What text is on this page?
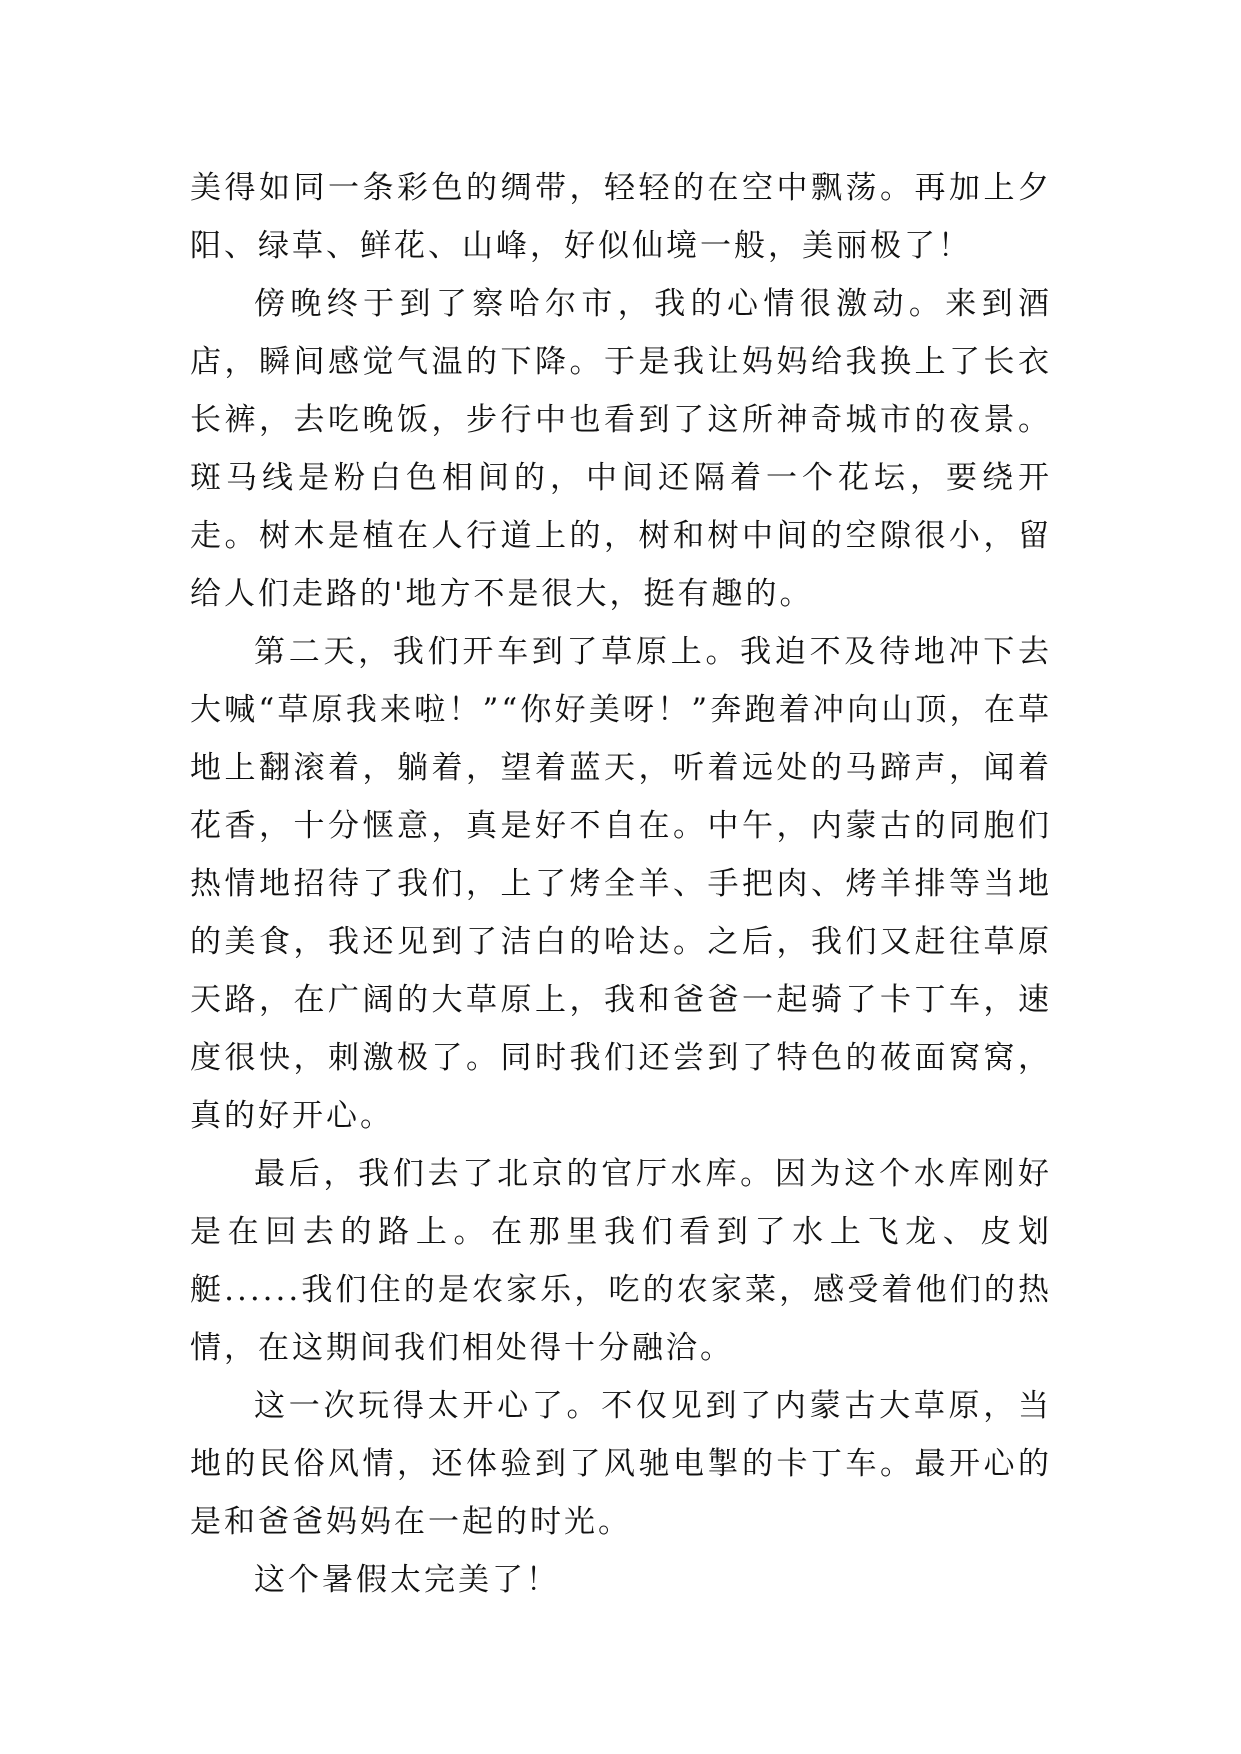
美得如同一条彩色的绸带，轻轻的在空中飘荡。再加上夕阳、绿草、鲜花、山峰，好似仙境一般，美丽极了！

傍晚终于到了察哈尔市，我的心情很激动。来到酒店，瞬间感觉气温的下降。于是我让妈妈给我换上了长衣长裤，去吃晚饭，步行中也看到了这所神奇城市的夜景。斑马线是粉白色相间的，中间还隔着一个花坛，要绕开走。树木是植在人行道上的，树和树中间的空隙很小，留给人们走路的'地方不是很大，挺有趣的。

第二天，我们开车到了草原上。我迫不及待地冲下去大喊“草原我来啦！”“你好美呀！”奔跑着冲向山顶，在草地上翻滚着，躺着，望着蓝天，听着远处的马蹄声，闻着花香，十分惬意，真是好不自在。中午，内蒙古的同胞们热情地招待了我们，上了烤全羊、手把肉、烤羊排等当地的美食，我还见到了洁白的哈达。之后，我们又赶往草原天路，在广阔的大草原上，我和爸爸一起骑了卡丁车，速度很快，刺激极了。同时我们还尝到了特色的莜面窝窝，真的好开心。

最后，我们去了北京的官厅水库。因为这个水库刚好是在回去的路上。在那里我们看到了水上飞龙、皮划艇......我们住的是农家乐，吃的农家菜，感受着他们的热情，在这期间我们相处得十分融洽。

这一次玩得太开心了。不仅见到了内蒙古大草原，当地的民俗风情，还体验到了风驰电掣的卡丁车。最开心的是和爸爸妈妈在一起的时光。

这个暑假太完美了！
